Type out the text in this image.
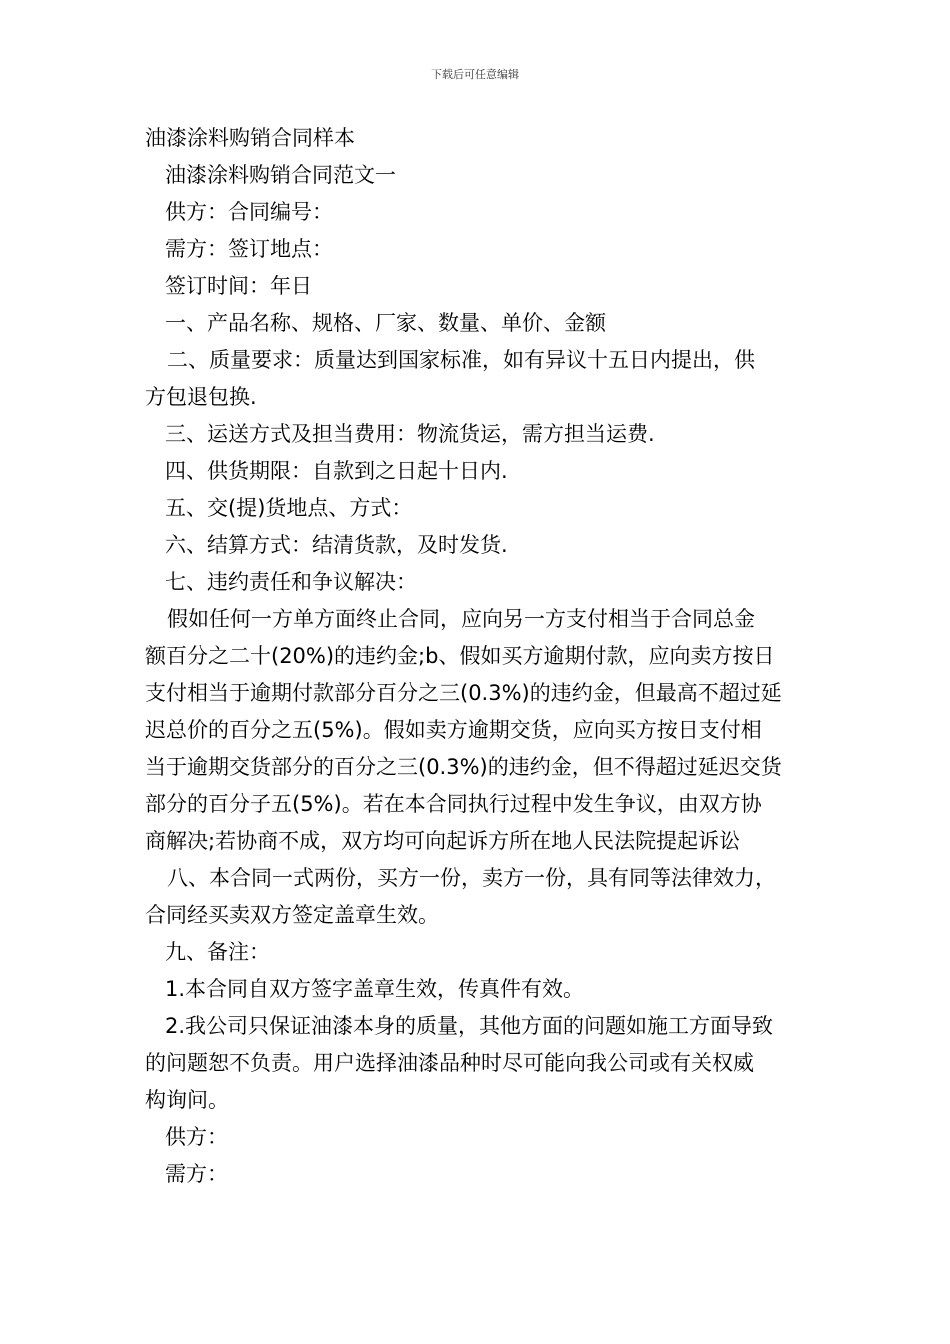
下载后可任意编辑

油漆涂料购销合同样本

油漆涂料购销合同范文一

供方：合同编号：

需方：签订地点：

签订时间：年日

一、产品名称、规格、厂家、数量、单价、金额

二、质量要求：质量达到国家标准，如有异议十五日内提出，供
方包退包换.

三、运送方式及担当费用：物流货运，需方担当运费.

四、供货期限：自款到之日起十日内.

五、交(提)货地点、方式：

六、结算方式：结清货款，及时发货.

七、违约责任和争议解决：

假如任何一方单方面终止合同，应向另一方支付相当于合同总金
额百分之二十(20%)的违约金;b、假如买方逾期付款，应向卖方按日
支付相当于逾期付款部分百分之三(0.3%)的违约金，但最高不超过延
迟总价的百分之五(5%)。假如卖方逾期交货，应向买方按日支付相
当于逾期交货部分的百分之三(0.3%)的违约金，但不得超过延迟交货
部分的百分子五(5%)。若在本合同执行过程中发生争议，由双方协
商解决;若协商不成，双方均可向起诉方所在地人民法院提起诉讼

八、本合同一式两份，买方一份，卖方一份，具有同等法律效力，
合同经买卖双方签定盖章生效。

九、备注：

1.本合同自双方签字盖章生效，传真件有效。

2.我公司只保证油漆本身的质量，其他方面的问题如施工方面导致
的问题恕不负责。用户选择油漆品种时尽可能向我公司或有关权威
构询问。

供方：

需方：
